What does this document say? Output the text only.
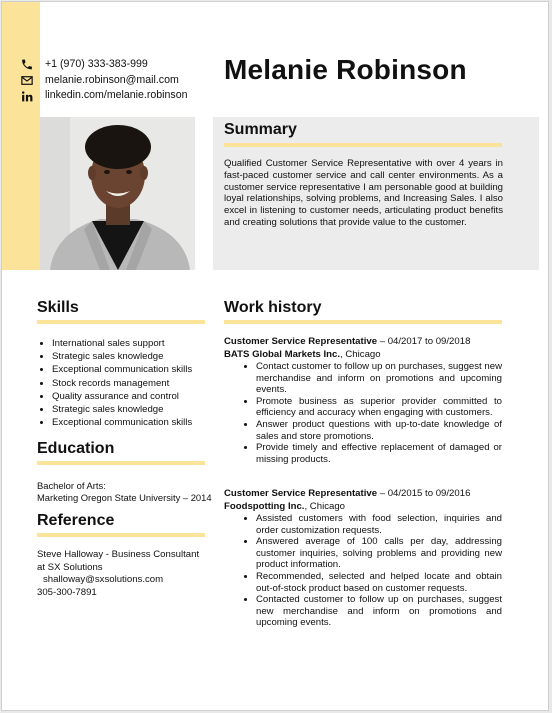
+1 (970) 333-383-999
melanie.robinson@mail.com
linkedin.com/melanie.robinson
Melanie Robinson
Summary

Qualified Customer Service Representative with over 4 years in fast-paced customer service and call center environments. As a customer service representative I am personable good at building loyal relationships, solving problems, and Increasing Sales. I also excel in listening to customer needs, articulating product benefits and creating solutions that provide value to the customer.

Skills
• International sales support
• Strategic sales knowledge
• Exceptional communication skills
• Stock records management
• Quality assurance and control
• Strategic sales knowledge
• Exceptional communication skills
Education
Bachelor of Arts:
Marketing Oregon State University – 2014
Reference
Steve Halloway - Business Consultant
at SX Solutions
shalloway@sxsolutions.com
305-300-7891
Work history
Customer Service Representative – 04/2017 to 09/2018
BATS Global Markets Inc., Chicago
• Contact customer to follow up on purchases, suggest new merchandise and inform on promotions and upcoming events.
• Promote business as superior provider committed to efficiency and accuracy when engaging with customers.
• Answer product questions with up-to-date knowledge of sales and store promotions.
• Provide timely and effective replacement of damaged or missing products.
Customer Service Representative – 04/2015 to 09/2016
Foodspotting Inc., Chicago
• Assisted customers with food selection, inquiries and order customization requests.
• Answered average of 100 calls per day, addressing customer inquiries, solving problems and providing new product information.
• Recommended, selected and helped locate and obtain out-of-stock product based on customer requests.
• Contacted customer to follow up on purchases, suggest new merchandise and inform on promotions and upcoming events.
